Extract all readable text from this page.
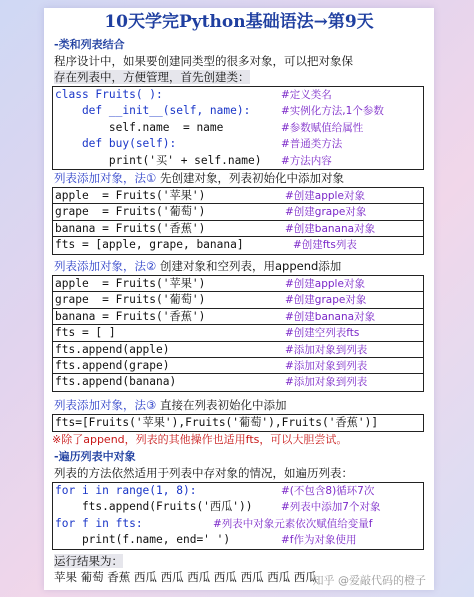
10天学完Python基础语法→第9天
-类和列表结合
程序设计中，如果要创建同类型的很多对象，可以把对象保
存在列表中，方便管理，首先创建类：
class Fruits( ):	#定义类名
def __init__(self, name):	#实例化方法,1个参数
self.name  = name	#参数赋值给属性
def buy(self):	#普通类方法
print('买' + self.name) #方法内容
列表添加对象，法① 先创建对象，列表初始化中添加对象
apple  = Fruits('苹果')	#创建apple对象
grape  = Fruits('葡萄')	#创建grape对象
banana = Fruits('香蕉')	#创建banana对象
fts = [apple, grape, banana]	#创建fts列表
列表添加对象，法② 创建对象和空列表，用append添加
apple  = Fruits('苹果')	#创建apple对象
grape  = Fruits('葡萄')	#创建grape对象
banana = Fruits('香蕉')	#创建banana对象
fts = [ ]	#创建空列表fts
fts.append(apple)	#添加对象到列表
fts.append(grape)	#添加对象到列表
fts.append(banana)	#添加对象到列表
列表添加对象，法③ 直接在列表初始化中添加
fts=[Fruits('苹果'),Fruits('葡萄'),Fruits('香蕉')]
※除了append，列表的其他操作也适用fts，可以大胆尝试。
-遍历列表中对象
列表的方法依然适用于列表中存对象的情况，如遍历列表：
for i in range(1, 8):	#(不包含8)循环7次
fts.append(Fruits('西瓜'))	#列表中添加7个对象
for f in fts:	#列表中对象元素依次赋值给变量f
print(f.name, end=' ')	#f作为对象使用
运行结果为：
苹果 葡萄 香蕉 西瓜 西瓜 西瓜 西瓜 西瓜 西瓜 西瓜
知乎 @爱敲代码的橙子
